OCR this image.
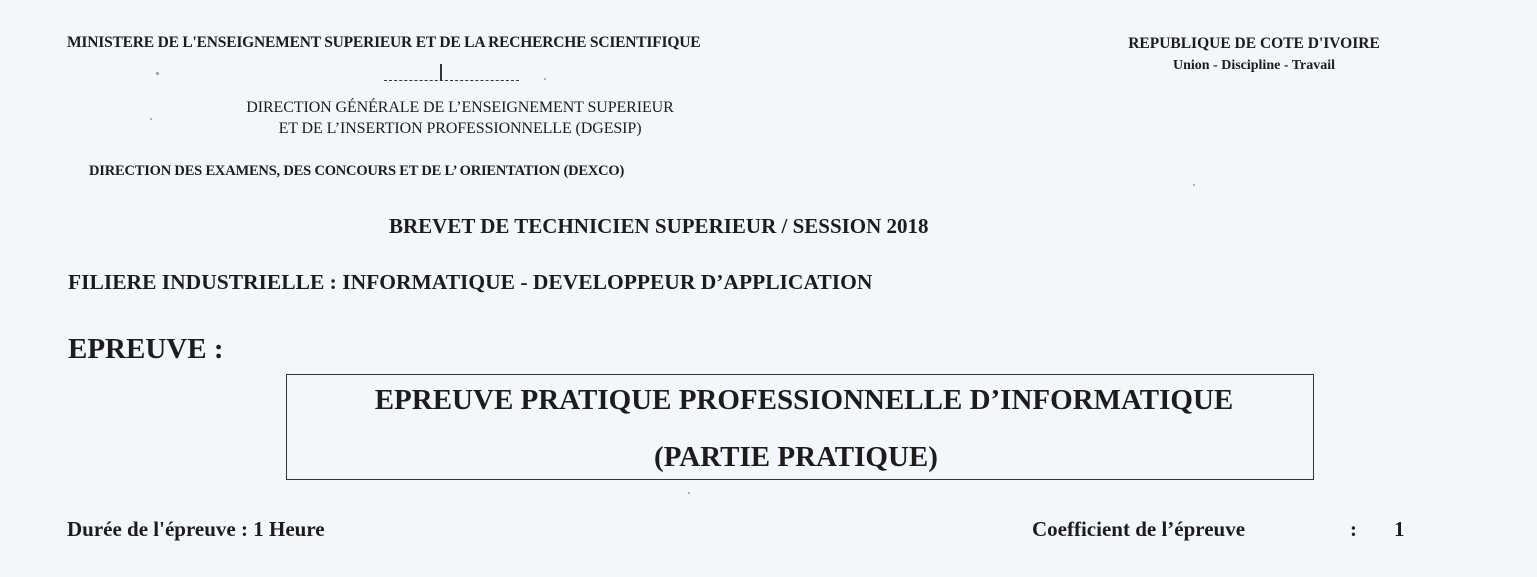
MINISTERE DE L'ENSEIGNEMENT SUPERIEUR ET DE LA RECHERCHE SCIENTIFIQUE	REPUBLIQUE DE COTE D'IVOIRE
Union - Discipline - Travail
DIRECTION GÉNÉRALE DE L’ENSEIGNEMENT SUPERIEUR
ET DE L’INSERTION PROFESSIONNELLE (DGESIP)
DIRECTION DES EXAMENS, DES CONCOURS ET DE L’ ORIENTATION (DEXCO)
BREVET DE TECHNICIEN SUPERIEUR / SESSION 2018
FILIERE INDUSTRIELLE : INFORMATIQUE - DEVELOPPEUR D’APPLICATION
EPREUVE :
EPREUVE PRATIQUE PROFESSIONNELLE D’INFORMATIQUE
(PARTIE PRATIQUE)
Durée de l'épreuve : 1 Heure	Coefficient de l’épreuve	: 1
